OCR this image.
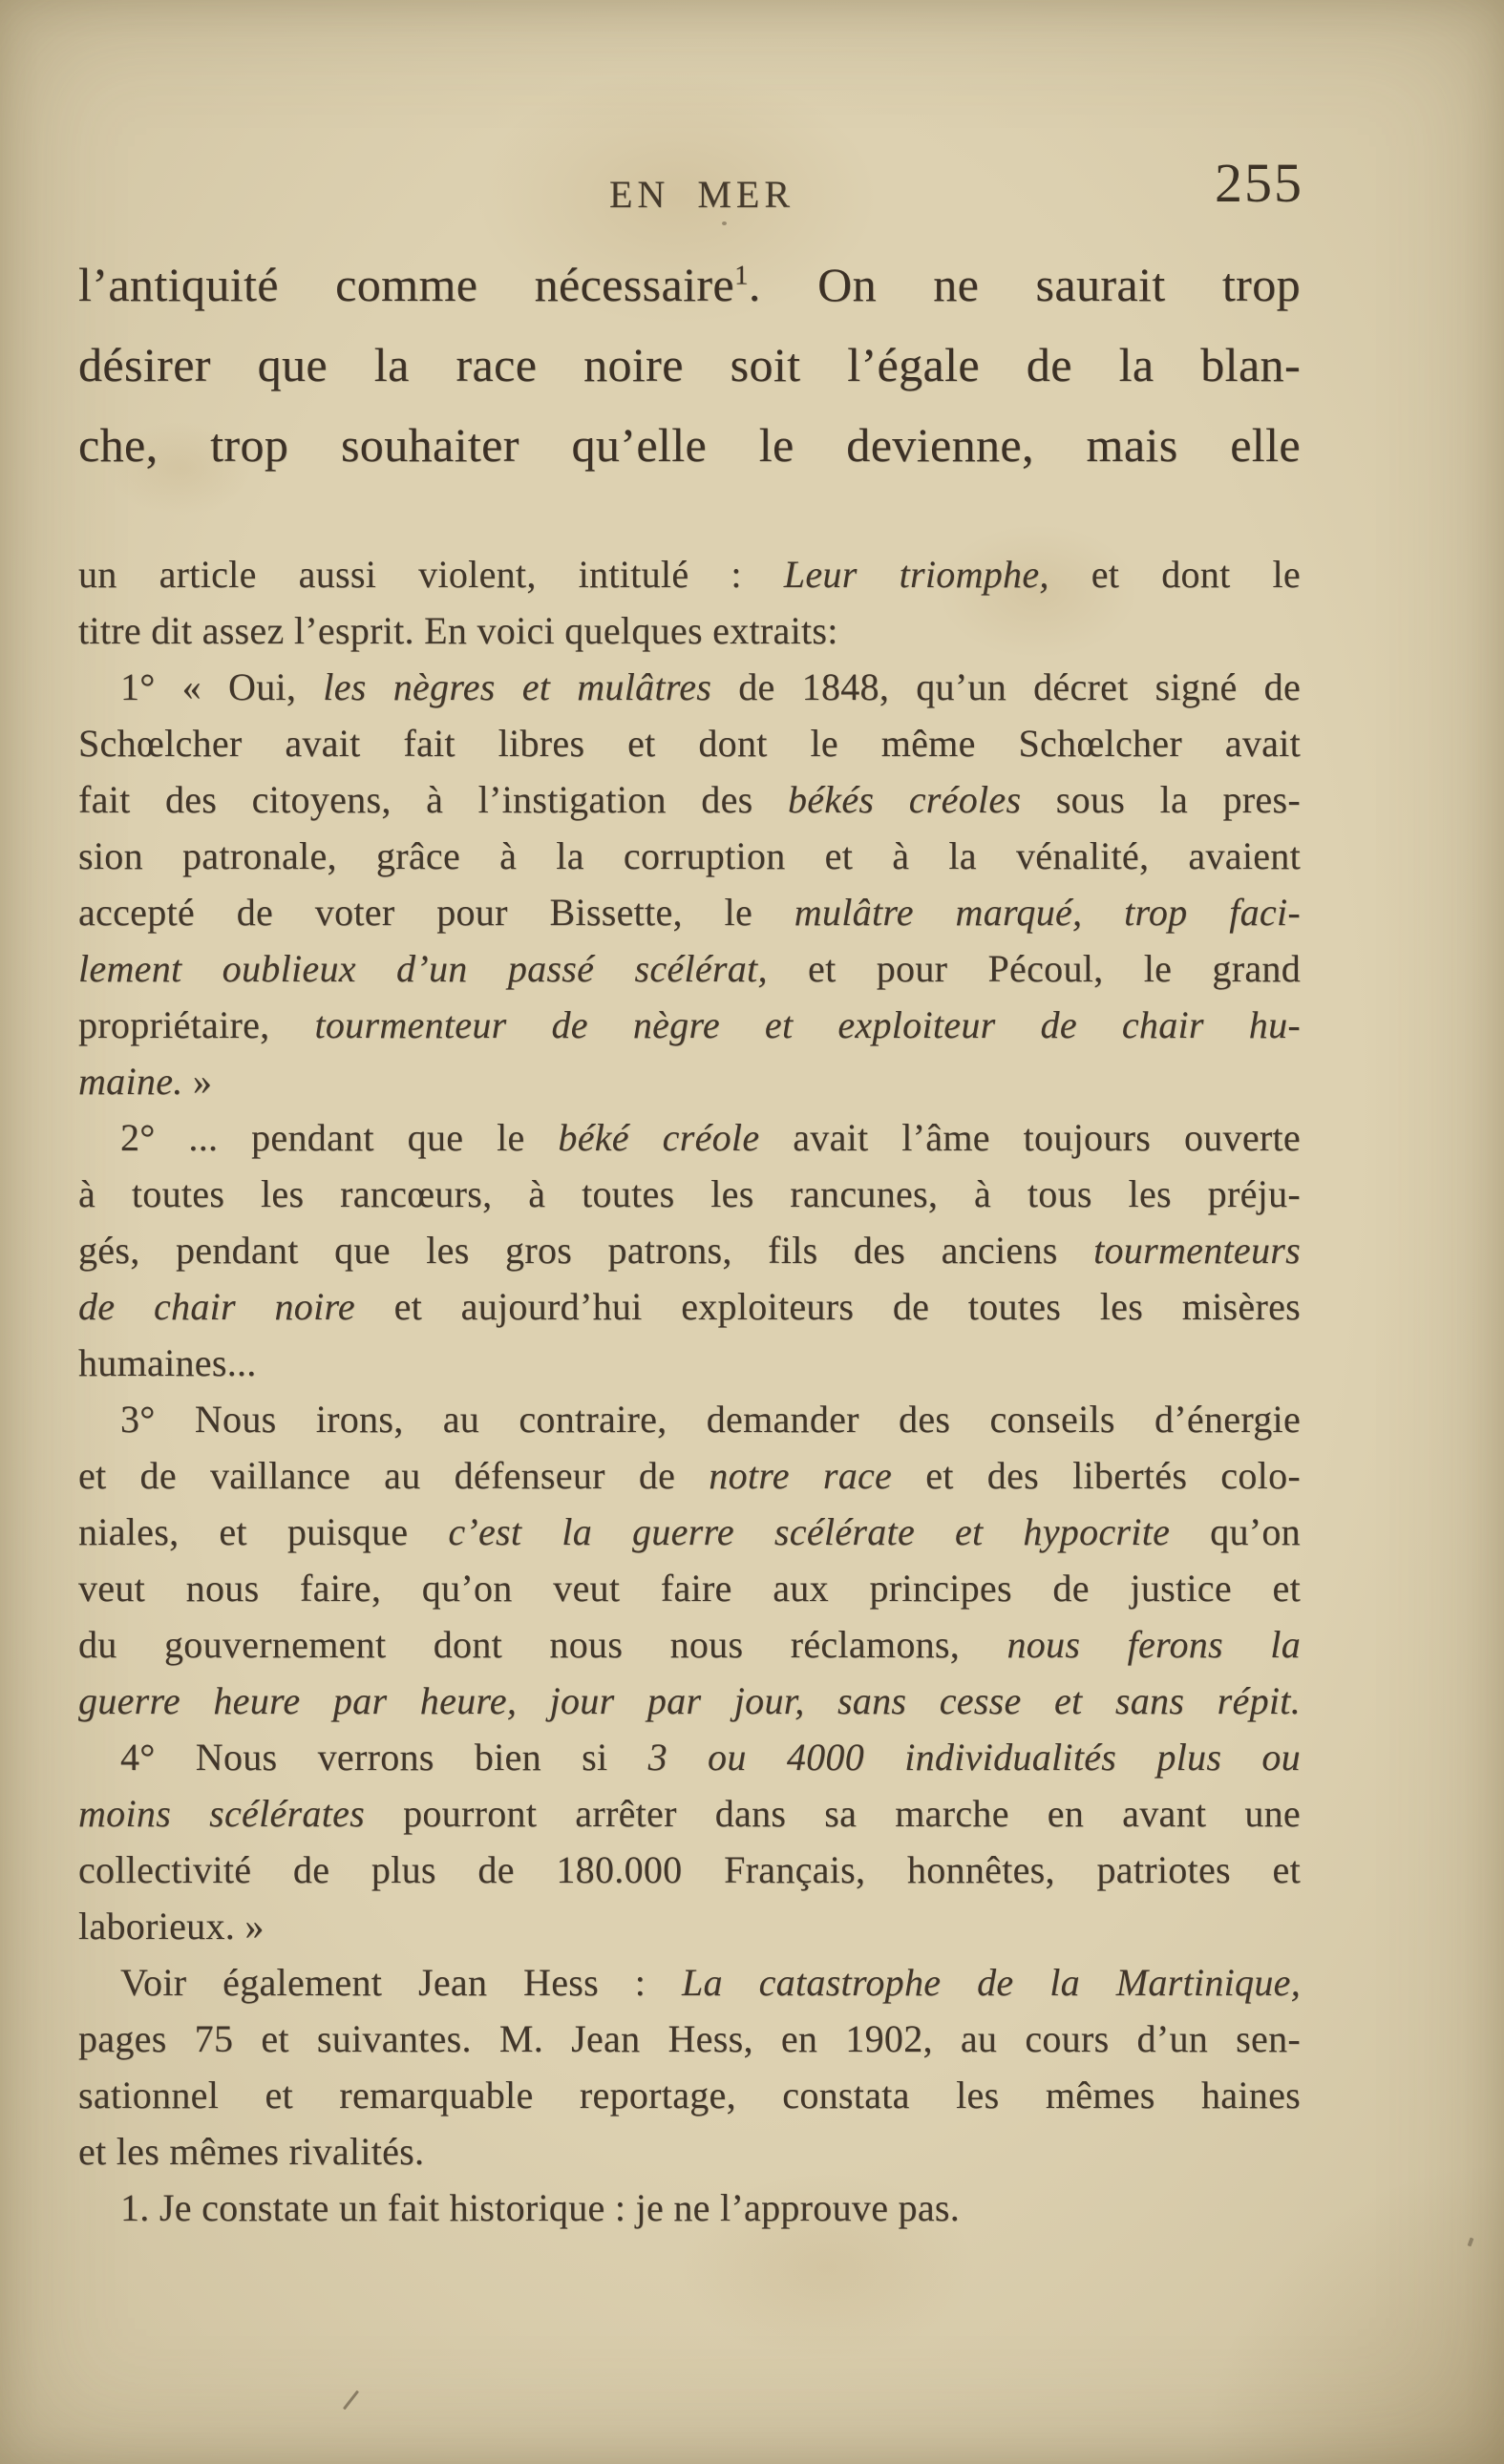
EN MER	255
l’antiquité comme nécessaire$^1$. On ne saurait trop
désirer que la race noire soit l’égale de la blan-
che, trop souhaiter qu’elle le devienne, mais elle
un article aussi violent, intitulé : Leur triomphe, et dont le
titre dit assez l’esprit. En voici quelques extraits:
1° « Oui, les nègres et mulâtres de 1848, qu’un décret signé de
Schœlcher avait fait libres et dont le même Schœlcher avait
fait des citoyens, à l’instigation des békés créoles sous la pres-
sion patronale, grâce à la corruption et à la vénalité, avaient
accepté de voter pour Bissette, le mulâtre marqué, trop faci-
lement oublieux d’un passé scélérat, et pour Pécoul, le grand
propriétaire, tourmenteur de nègre et exploiteur de chair hu-
maine. »
2° ... pendant que le béké créole avait l’âme toujours ouverte
à toutes les rancœurs, à toutes les rancunes, à tous les préju-
gés, pendant que les gros patrons, fils des anciens tourmenteurs
de chair noire et aujourd’hui exploiteurs de toutes les misères
humaines...
3° Nous irons, au contraire, demander des conseils d’énergie
et de vaillance au défenseur de notre race et des libertés colo-
niales, et puisque c’est la guerre scélérate et hypocrite qu’on
veut nous faire, qu’on veut faire aux principes de justice et
du gouvernement dont nous nous réclamons, nous ferons la
guerre heure par heure, jour par jour, sans cesse et sans répit.
4° Nous verrons bien si 3 ou 4000 individualités plus ou
moins scélérates pourront arrêter dans sa marche en avant une
collectivité de plus de 180.000 Français, honnêtes, patriotes et
laborieux. »
Voir également Jean Hess : La catastrophe de la Martinique,
pages 75 et suivantes. M. Jean Hess, en 1902, au cours d’un sen-
sationnel et remarquable reportage, constata les mêmes haines
et les mêmes rivalités.
1. Je constate un fait historique : je ne l’approuve pas.
